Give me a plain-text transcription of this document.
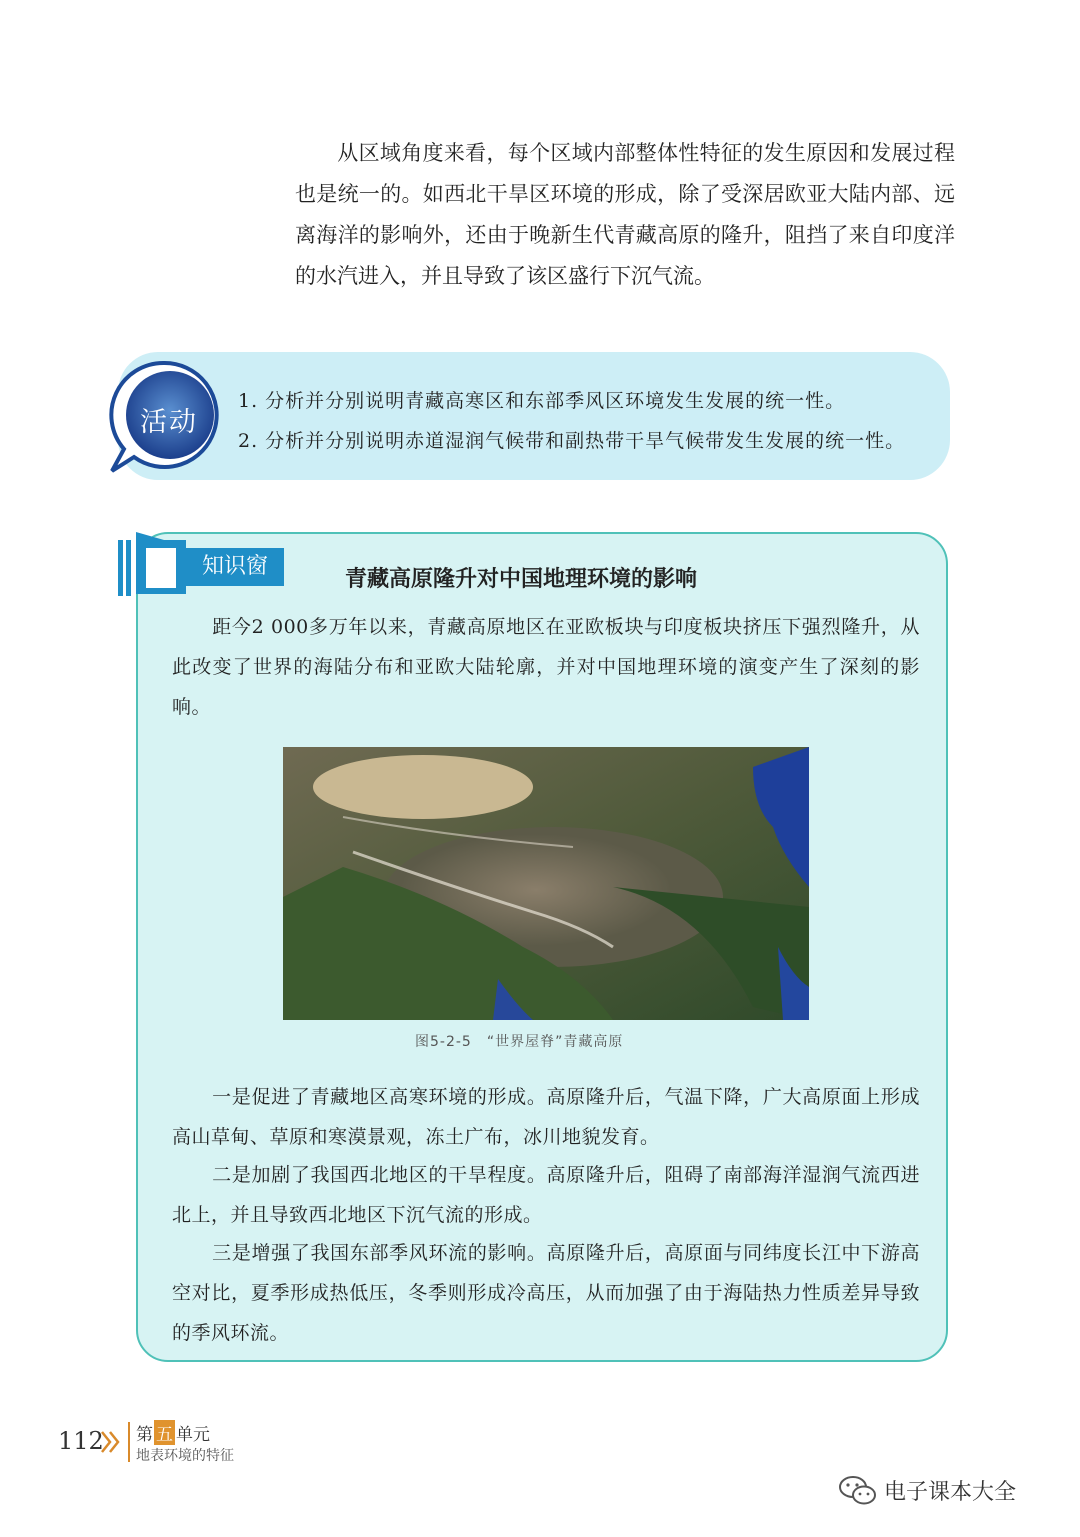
从区域角度来看，每个区域内部整体性特征的发生原因和发展过程也是统一的。如西北干旱区环境的形成，除了受深居欧亚大陆内部、远离海洋的影响外，还由于晚新生代青藏高原的隆升，阻挡了来自印度洋的水汽进入，并且导致了该区盛行下沉气流。

活动

1. 分析并分别说明青藏高寒区和东部季风区环境发生发展的统一性。
2. 分析并分别说明赤道湿润气候带和副热带干旱气候带发生发展的统一性。

知识窗

青藏高原隆升对中国地理环境的影响

距今2 000多万年以来，青藏高原地区在亚欧板块与印度板块挤压下强烈隆升，从此改变了世界的海陆分布和亚欧大陆轮廓，并对中国地理环境的演变产生了深刻的影响。

图5-2-5　“世界屋脊”青藏高原

一是促进了青藏地区高寒环境的形成。高原隆升后，气温下降，广大高原面上形成高山草甸、草原和寒漠景观，冻土广布，冰川地貌发育。

二是加剧了我国西北地区的干旱程度。高原隆升后，阻碍了南部海洋湿润气流西进北上，并且导致西北地区下沉气流的形成。

三是增强了我国东部季风环流的影响。高原隆升后，高原面与同纬度长江中下游高空对比，夏季形成热低压，冬季则形成冷高压，从而加强了由于海陆热力性质差异导致的季风环流。

112 第 五 单元

地表环境的特征

电子课本大全
